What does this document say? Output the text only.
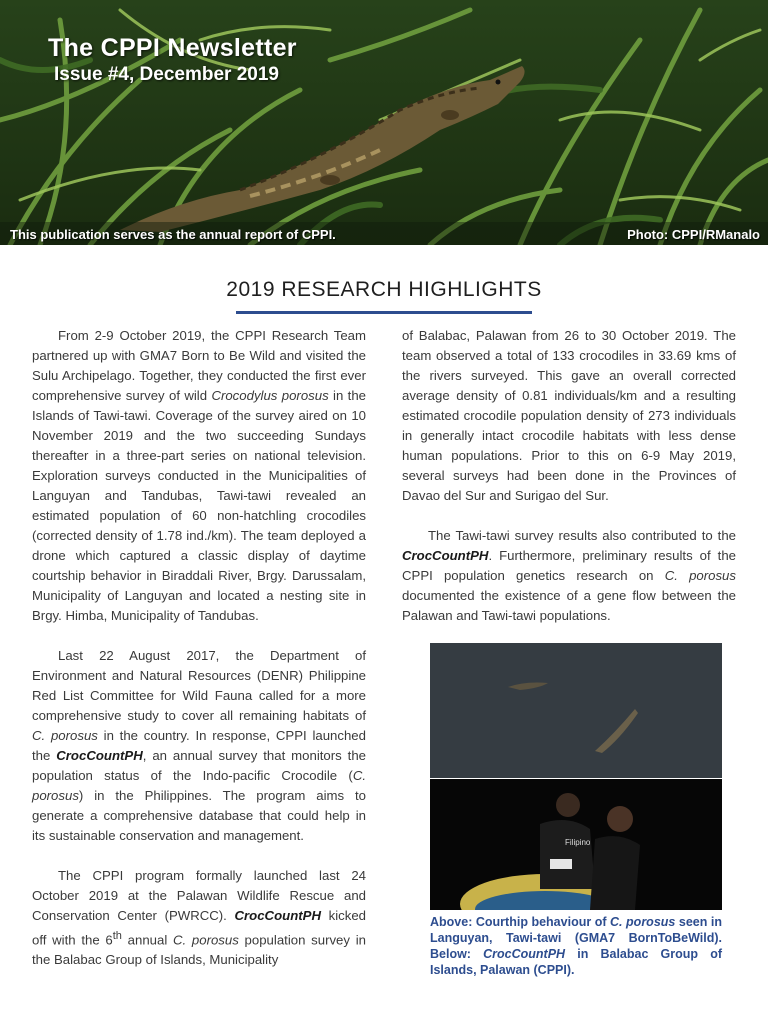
The CPPI Newsletter
Issue #4, December 2019
This publication serves as the annual report of CPPI.	Photo: CPPI/RManalo
2019 RESEARCH HIGHLIGHTS

From 2-9 October 2019, the CPPI Research Team partnered up with GMA7 Born to Be Wild and visited the Sulu Archipelago. Together, they conducted the first ever comprehensive survey of wild Crocodylus porosus in the Islands of Tawi-tawi. Coverage of the survey aired on 10 November 2019 and the two succeeding Sundays thereafter in a three-part series on national television. Exploration surveys conducted in the Municipalities of Languyan and Tandubas, Tawi-tawi revealed an estimated population of 60 non-hatchling crocodiles (corrected density of 1.78 ind./km). The team deployed a drone which captured a classic display of daytime courtship behavior in Biraddali River, Brgy. Darussalam, Municipality of Languyan and located a nesting site in Brgy. Himba, Municipality of Tandubas.

Last 22 August 2017, the Department of Environment and Natural Resources (DENR) Philippine Red List Committee for Wild Fauna called for a more comprehensive study to cover all remaining habitats of C. porosus in the country. In response, CPPI launched the CrocCountPH, an annual survey that monitors the population status of the Indo-pacific Crocodile (C. porosus) in the Philippines. The program aims to generate a comprehensive database that could help in its sustainable conservation and management.

The CPPI program formally launched last 24 October 2019 at the Palawan Wildlife Rescue and Conservation Center (PWRCC). CrocCountPH kicked off with the 6th annual C. porosus population survey in the Balabac Group of Islands, Municipality

of Balabac, Palawan from 26 to 30 October 2019. The team observed a total of 133 crocodiles in 33.69 kms of the rivers surveyed. This gave an overall corrected average density of 0.81 individuals/km and a resulting estimated crocodile population density of 273 individuals in generally intact crocodile habitats with less dense human populations. Prior to this on 6-9 May 2019, several surveys had been done in the Provinces of Davao del Sur and Surigao del Sur.

The Tawi-tawi survey results also contributed to the CrocCountPH. Furthermore, preliminary results of the CPPI population genetics research on C. porosus documented the existence of a gene flow between the Palawan and Tawi-tawi populations.

Filipino
Above: Courthip behaviour of C. porosus seen in Languyan, Tawi-tawi (GMA7 BornToBeWild). Below: CrocCountPH in Balabac Group of Islands, Palawan (CPPI).
